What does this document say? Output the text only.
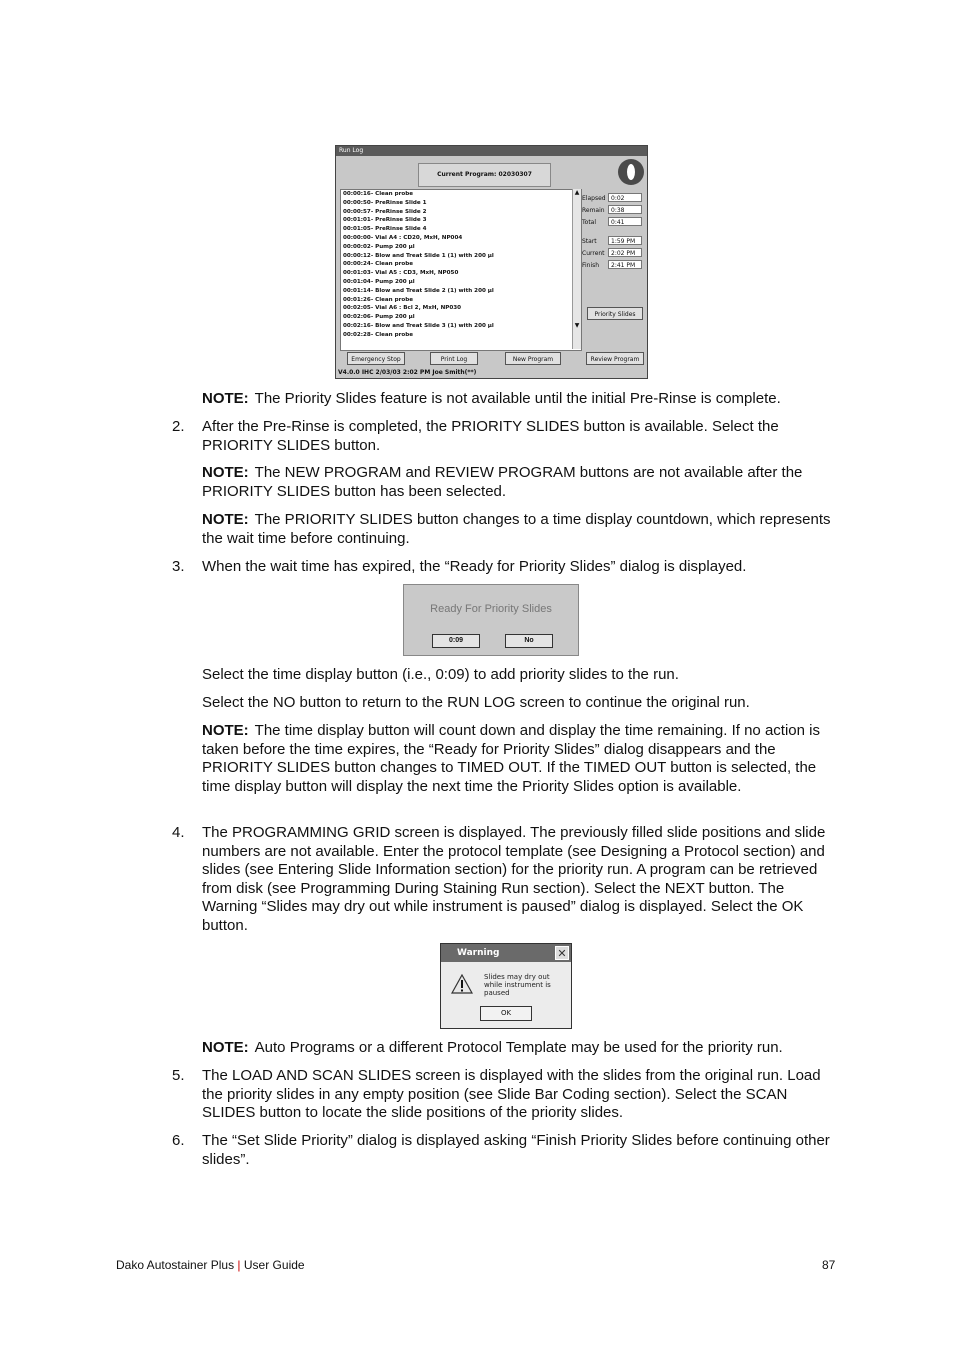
Run Log
Current Program: 02030307
00:00:16- Clean probe
00:00:50- PreRinse Slide 1
00:00:57- PreRinse Slide 2
00:01:01- PreRinse Slide 3
00:01:05- PreRinse Slide 4
00:00:00- Vial A4 : CD20, MxH, NP004
00:00:02- Pump 200 µl
00:00:12- Blow and Treat Slide 1 (1) with 200 µl
00:00:24- Clean probe
00:01:03- Vial A5 : CD3, MxH, NP050
00:01:04- Pump 200 µl
00:01:14- Blow and Treat Slide 2 (1) with 200 µl
00:01:26- Clean probe
00:02:05- Vial A6 : Bcl 2, MxH, NP030
00:02:06- Pump 200 µl
00:02:16- Blow and Treat Slide 3 (1) with 200 µl
00:02:28- Clean probe
▲

▼
Elapsed 0:02
Remain 0:38
Total 0:41
Start 1:59 PM
Current 2:02 PM
Finish 2:41 PM
Priority Slides
Emergency Stop	Print Log	New Program	Review Program
V4.0.0 IHC 2/03/03 2:02 PM Joe Smith(**)
NOTE: The Priority Slides feature is not available until the initial Pre-Rinse is complete.
2. After the Pre-Rinse is completed, the PRIORITY SLIDES button is available. Select the PRIORITY SLIDES button.
NOTE: The NEW PROGRAM and REVIEW PROGRAM buttons are not available after the PRIORITY SLIDES button has been selected.
NOTE: The PRIORITY SLIDES button changes to a time display countdown, which represents the wait time before continuing.
3. When the wait time has expired, the “Ready for Priority Slides” dialog is displayed.
Ready For Priority Slides
0:09	No
Select the time display button (i.e., 0:09) to add priority slides to the run.
Select the NO button to return to the RUN LOG screen to continue the original run.
NOTE: The time display button will count down and display the time remaining. If no action is taken before the time expires, the “Ready for Priority Slides” dialog disappears and the PRIORITY SLIDES button changes to TIMED OUT. If the TIMED OUT button is selected, the time display button will display the next time the Priority Slides option is available.
4. The PROGRAMMING GRID screen is displayed. The previously filled slide positions and slide numbers are not available. Enter the protocol template (see Designing a Protocol section) and slides (see Entering Slide Information section) for the priority run. A program can be retrieved from disk (see Programming During Staining Run section). Select the NEXT button. The Warning “Slides may dry out while instrument is paused” dialog is displayed. Select the OK button.
Warning	✕
Slides may dry out while instrument is paused
OK
NOTE: Auto Programs or a different Protocol Template may be used for the priority run.
5. The LOAD AND SCAN SLIDES screen is displayed with the slides from the original run. Load the priority slides in any empty position (see Slide Bar Coding section). Select the SCAN SLIDES button to locate the slide positions of the priority slides.
6. The “Set Slide Priority” dialog is displayed asking “Finish Priority Slides before continuing other slides”.
Dako Autostainer Plus | User Guide	87
